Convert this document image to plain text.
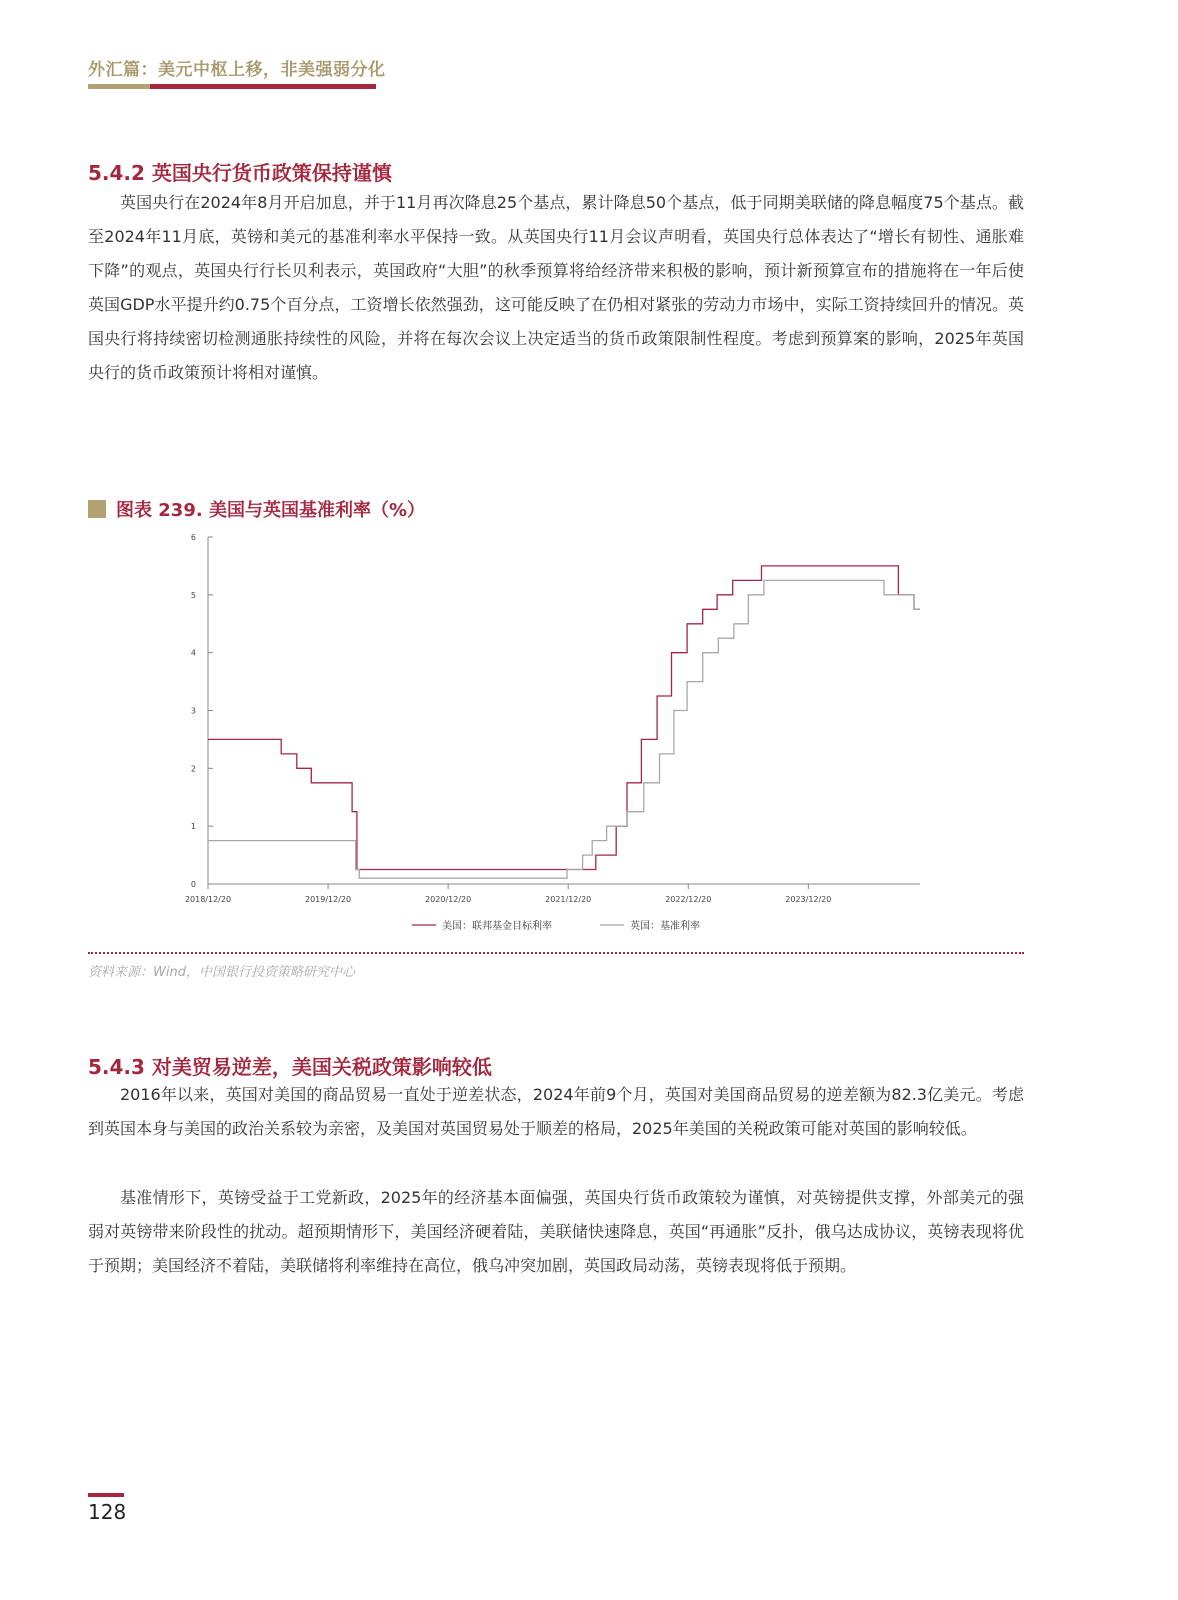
外汇篇：美元中枢上移，非美强弱分化
5.4.2 英国央行货币政策保持谨慎

英国央行在2024年8月开启加息，并于11月再次降息25个基点，累计降息50个基点，低于同期美联储的降息幅度75个基点。截至2024年11月底，英镑和美元的基准利率水平保持一致。从英国央行11月会议声明看，英国央行总体表达了“增长有韧性、通胀难下降”的观点，英国央行行长贝利表示，英国政府“大胆”的秋季预算将给经济带来积极的影响，预计新预算宣布的措施将在一年后使英国GDP水平提升约0.75个百分点，工资增长依然强劲，这可能反映了在仍相对紧张的劳动力市场中，实际工资持续回升的情况。英国央行将持续密切检测通胀持续性的风险，并将在每次会议上决定适当的货币政策限制性程度。考虑到预算案的影响，2025年英国央行的货币政策预计将相对谨慎。

图表 239. 美国与英国基准利率（%）
0
1
2
3
4
5
6
2018/12/20	2019/12/20	2020/12/20	2021/12/20	2022/12/20	2023/12/20
美国：联邦基金目标利率	英国：基准利率
资料来源：Wind，中国银行投资策略研究中心
5.4.3 对美贸易逆差，美国关税政策影响较低

2016年以来，英国对美国的商品贸易一直处于逆差状态，2024年前9个月，英国对美国商品贸易的逆差额为82.3亿美元。考虑到英国本身与美国的政治关系较为亲密，及美国对英国贸易处于顺差的格局，2025年美国的关税政策可能对英国的影响较低。

基准情形下，英镑受益于工党新政，2025年的经济基本面偏强，英国央行货币政策较为谨慎，对英镑提供支撑，外部美元的强弱对英镑带来阶段性的扰动。超预期情形下，美国经济硬着陆，美联储快速降息，英国“再通胀”反扑，俄乌达成协议，英镑表现将优于预期；美国经济不着陆，美联储将利率维持在高位，俄乌冲突加剧，英国政局动荡，英镑表现将低于预期。

128
